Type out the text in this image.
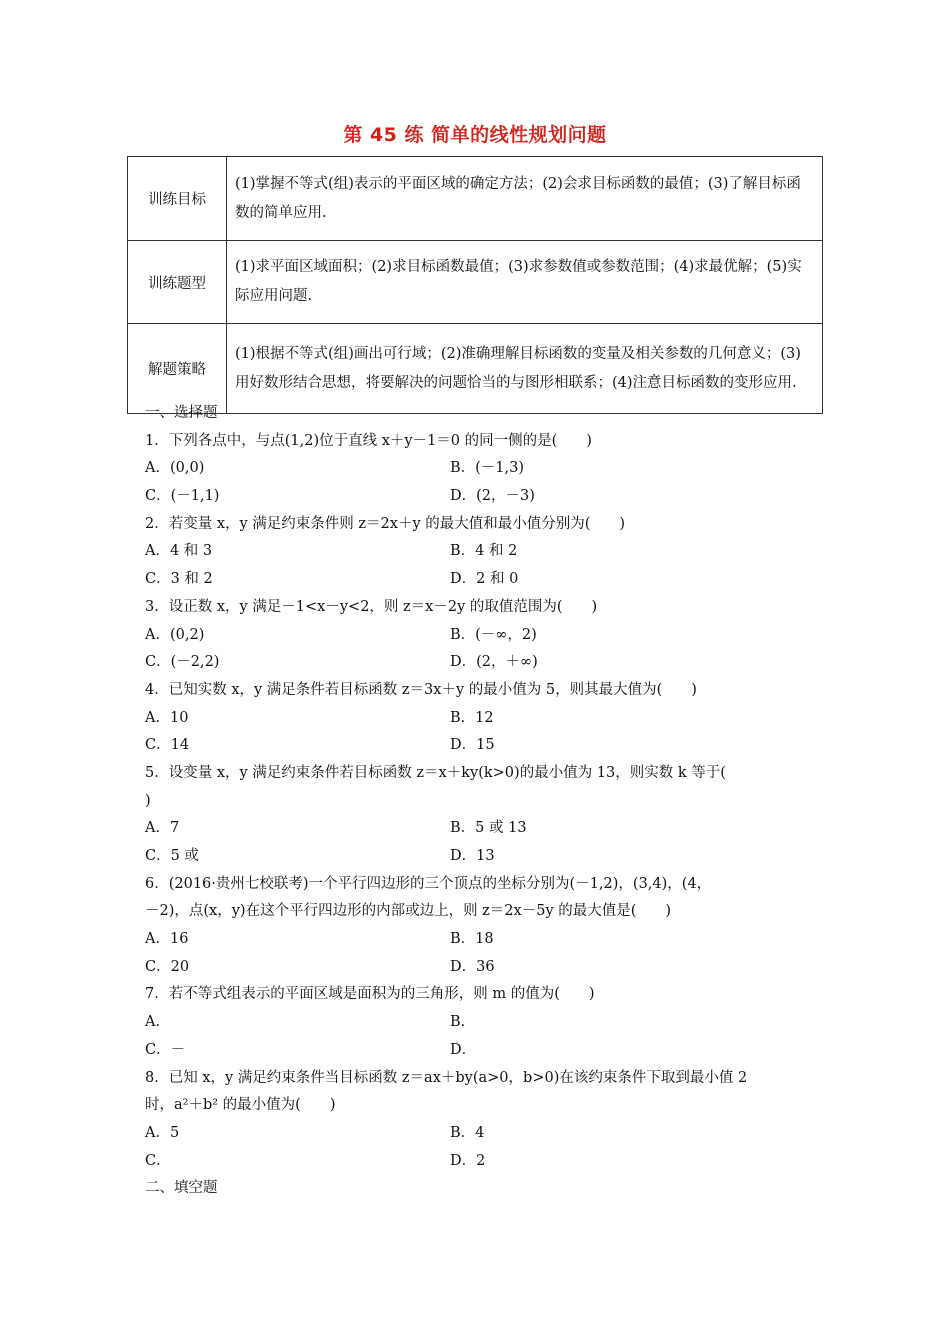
第 45 练 简单的线性规划问题
训练目标	(1)掌握不等式(组)表示的平面区域的确定方法；(2)会求目标函数的最值；(3)了解目标函数的简单应用.
训练题型	(1)求平面区域面积；(2)求目标函数最值；(3)求参数值或参数范围；(4)求最优解；(5)实际应用问题.
解题策略	(1)根据不等式(组)画出可行域；(2)准确理解目标函数的变量及相关参数的几何意义；(3)用好数形结合思想，将要解决的问题恰当的与图形相联系；(4)注意目标函数的变形应用.
一、选择题
1．下列各点中，与点(1,2)位于直线 x＋y－1＝0 的同一侧的是(　　)
A．(0,0)	B．(－1,3)
C．(－1,1)	D．(2，－3)
2．若变量 x，y 满足约束条件则 z＝2x＋y 的最大值和最小值分别为(　　)
A．4 和 3	B．4 和 2
C．3 和 2	D．2 和 0
3．设正数 x，y 满足－1<x－y<2，则 z＝x－2y 的取值范围为(　　)
A．(0,2)	B．(－∞，2)
C．(－2,2)	D．(2，＋∞)
4．已知实数 x，y 满足条件若目标函数 z＝3x＋y 的最小值为 5，则其最大值为(　　)
A．10	B．12
C．14	D．15
5．设变量 x，y 满足约束条件若目标函数 z＝x＋ky(k>0)的最小值为 13，则实数 k 等于(
)
A．7	B．5 或 13
C．5 或	D．13
6．(2016·贵州七校联考)一个平行四边形的三个顶点的坐标分别为(－1,2)，(3,4)，(4，
－2)，点(x，y)在这个平行四边形的内部或边上，则 z＝2x－5y 的最大值是(　　)
A．16	B．18
C．20	D．36
7．若不等式组表示的平面区域是面积为的三角形，则 m 的值为(　　)
A．	B．
C．－	D．
8．已知 x，y 满足约束条件当目标函数 z＝ax＋by(a>0，b>0)在该约束条件下取到最小值 2
时，a²＋b² 的最小值为(　　)
A．5	B．4
C．	D．2
二、填空题
